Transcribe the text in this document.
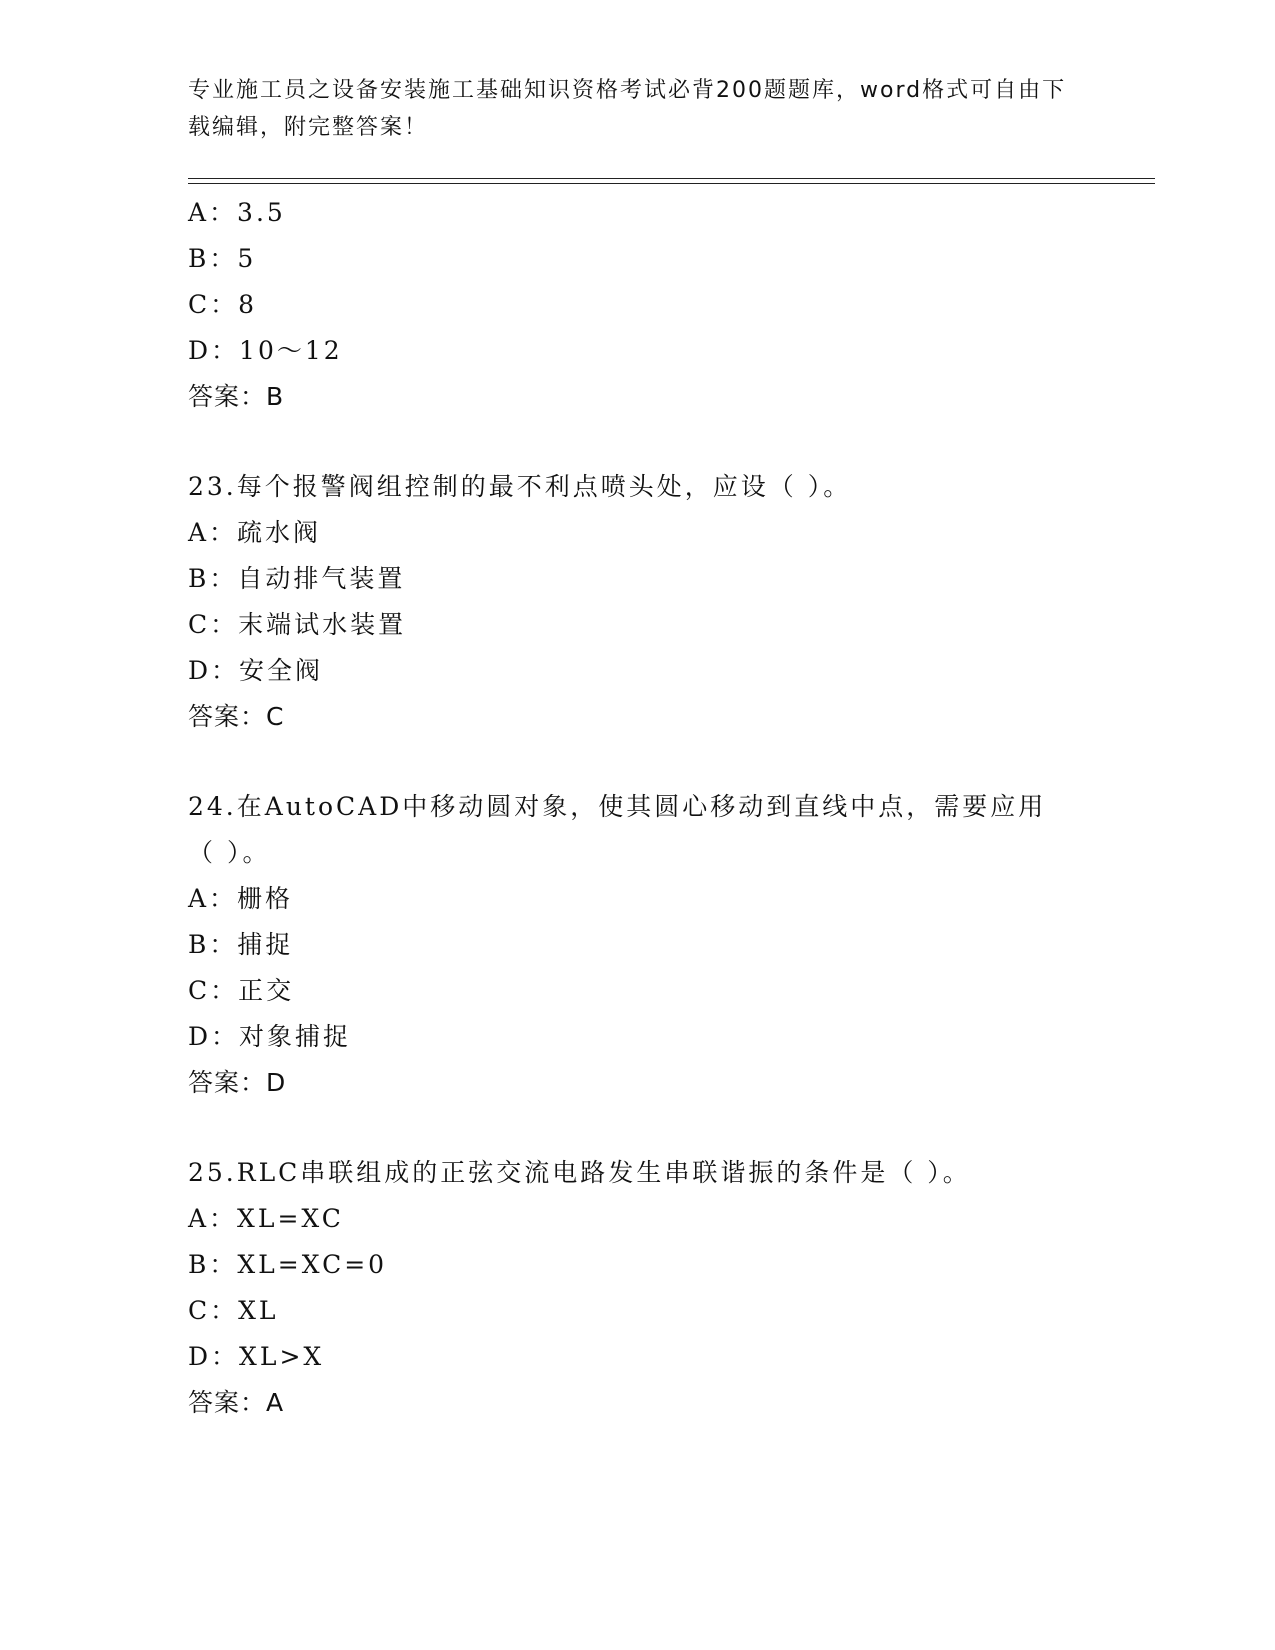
专业施工员之设备安装施工基础知识资格考试必背200题题库，word格式可自由下载编辑，附完整答案！

A：3.5
B：5
C：8
D：10～12
答案：B
23.每个报警阀组控制的最不利点喷头处，应设（ ）。
A：疏水阀
B：自动排气装置
C：末端试水装置
D：安全阀
答案：C
24.在AutoCAD中移动圆对象，使其圆心移动到直线中点，需要应用（ ）。
A：栅格
B：捕捉
C：正交
D：对象捕捉
答案：D
25.RLC串联组成的正弦交流电路发生串联谐振的条件是（ ）。
A：XL=XC
B：XL=XC=0
C：XL
D：XL>X
答案：A
